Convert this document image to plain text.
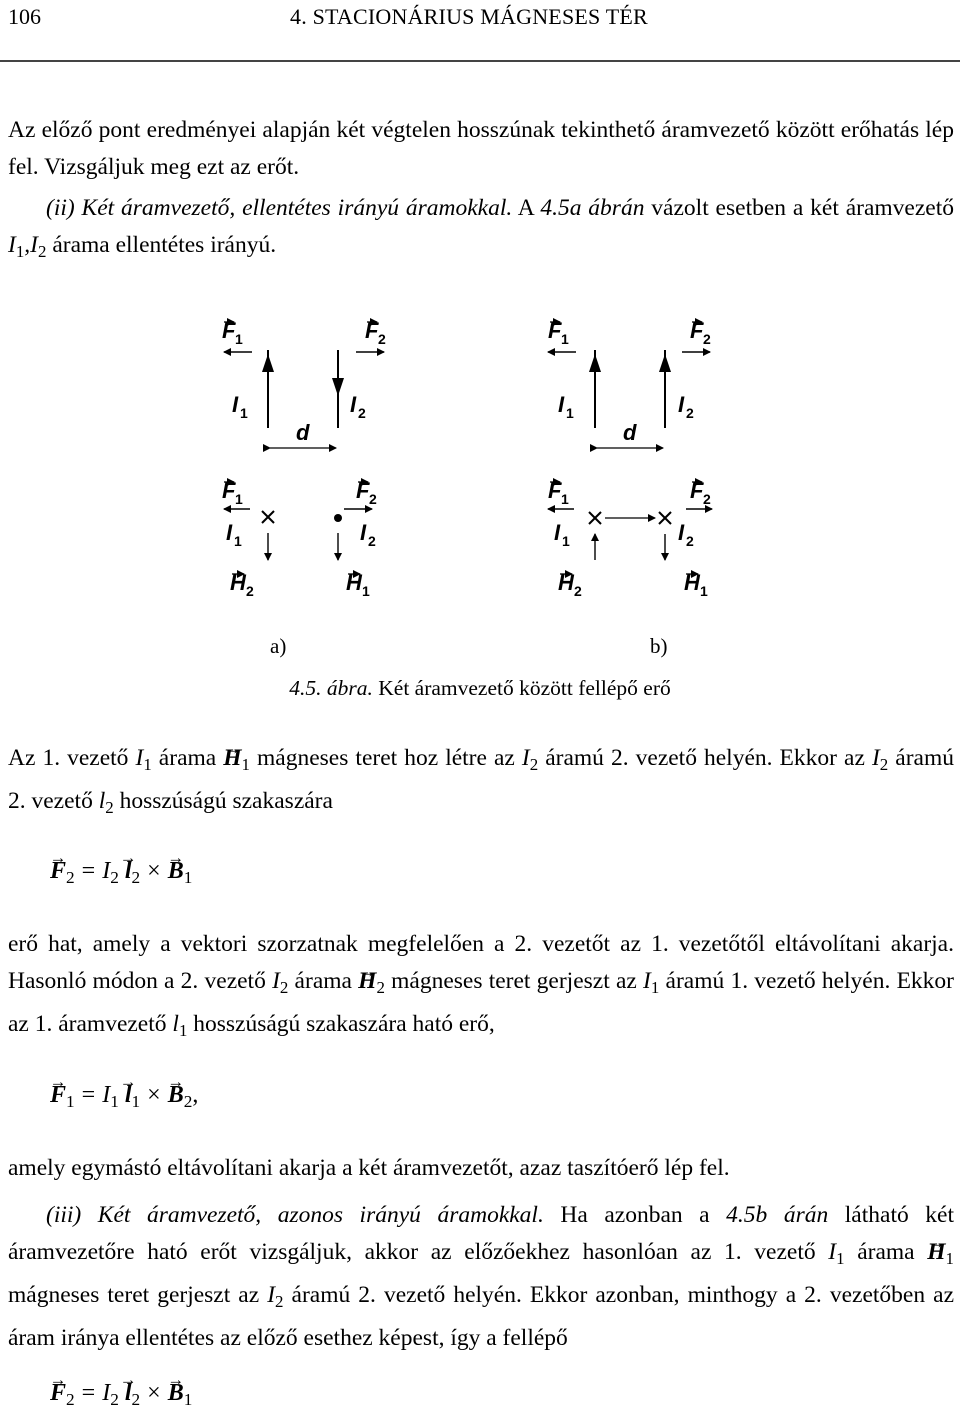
106	4. STACIONÁRIUS MÁGNESES TÉR
Az előző pont eredményei alapján két végtelen hosszúnak tekinthető áramvezető között erőhatás lép fel. Vizsgáljuk meg ezt az erőt.
(ii) Két áramvezető, ellentétes irányú áramokkal. A 4.5a ábrán vázolt esetben a két áramvezető $I_1,I_2$ árama ellentétes irányú.
F 1	F 2
I 1	I 2
d
F 1
I 1
H 2
F 2
I 2
H 1
F 1	F 2
I 1	I 2
d
F 1	F 2
I 1	I 2
H 2	H 1
a)	b)
4.5. ábra. Két áramvezető között fellépő erő
Az 1. vezető $I_1$ árama → $H_1$ mágneses teret hoz létre az $I_2$ áramú 2. vezető helyén. Ekkor az $I_2$ áramú 2. vezető $l_2$ hosszúságú szakaszára
→ $F_2 = I_2 \to l_2 \times\to B_1$
erő hat, amely a vektori szorzatnak megfelelően a 2. vezetőt az 1. vezetőtől eltávolítani akarja. Hasonló módon a 2. vezető $I_2$ árama → $H_2$ mágneses teret gerjeszt az $I_1$ áramú 1. vezető helyén. Ekkor az 1. áramvezető $l_1$ hosszúságú szakaszára ható erő,
→ $F_1 = I_1 \to l_1 \times\to B_2$,
amely egymástó eltávolítani akarja a két áramvezetőt, azaz taszítóerő lép fel.
(iii) Két áramvezető, azonos irányú áramokkal. Ha azonban a 4.5b árán látható két áramvezetőre ható erőt vizsgáljuk, akkor az előzőekhez hasonlóan az 1. vezető $I_1$ árama → $H_1$ mágneses teret gerjeszt az $I_2$ áramú 2. vezető helyén. Ekkor azonban, minthogy a 2. vezetőben az áram iránya ellentétes az előző esethez képest, így a fellépő
→ $F_2 = I_2 \to l_2 \times\to B_1$
